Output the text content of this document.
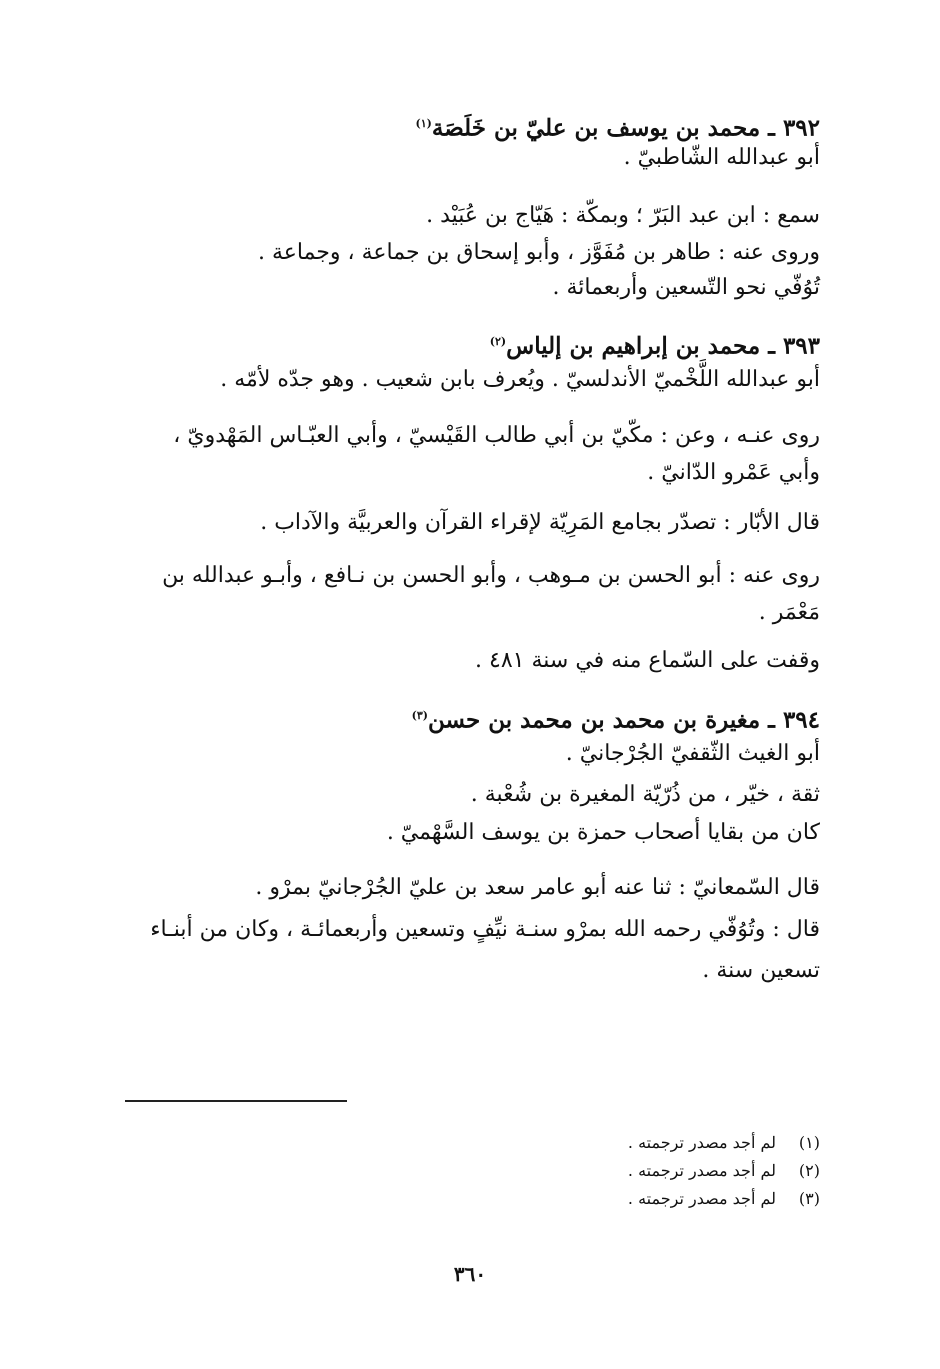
٣٩٢ ـ محمد بن يوسف بن عليّ بن خَلَصَة$^{(١)}$
أبو عبدالله الشّاطبيّ .
سمع : ابن عبد البَرّ ؛ وبمكّة : هَيّاج بن عُبَيْد .
وروى عنه : طاهر بن مُفَوَّز ، وأبو إسحاق بن جماعة ، وجماعة .
تُوُفّي نحو التّسعين وأربعمائة .
٣٩٣ ـ محمد بن إبراهيم بن إلياس$^{(٢)}$
أبو عبدالله اللَّخْميّ الأندلسيّ . ويُعرف بابن شعيب . وهو جدّه لأمّه .
روى عنـه ، وعن : مكّيّ بن أبي طالب القَيْسيّ ، وأبي العبّـاس المَهْدويّ ،
وأبي عَمْرو الدّانيّ .
قال الأبّار : تصدّر بجامع المَرِيّة لإقراء القرآن والعربيَّة والآداب .
روى عنه : أبو الحسن بن مـوهب ، وأبو الحسن بن نـافع ، وأبـو عبدالله بن
مَعْمَر .
وقفت على السّماع منه في سنة ٤٨١ .
٣٩٤ ـ مغيرة بن محمد بن محمد بن حسن$^{(٣)}$
أبو الغيث الثّقفيّ الجُرْجانيّ .
ثقة ، خيّر ، من ذُرّيّة المغيرة بن شُعْبة .
كان من بقايا أصحاب حمزة بن يوسف السَّهْميّ .
قال السّمعانيّ : ثنا عنه أبو عامر سعد بن عليّ الجُرْجانيّ بمرْو .
قال : وتُوُفّي رحمه الله بمرْو سنـة نيِّفٍ وتسعين وأربعمائـة ، وكان من أبنـاء
تسعين سنة .
(١)لم أجد مصدر ترجمته .
(٢)لم أجد مصدر ترجمته .
(٣)لم أجد مصدر ترجمته .
٣٦٠
